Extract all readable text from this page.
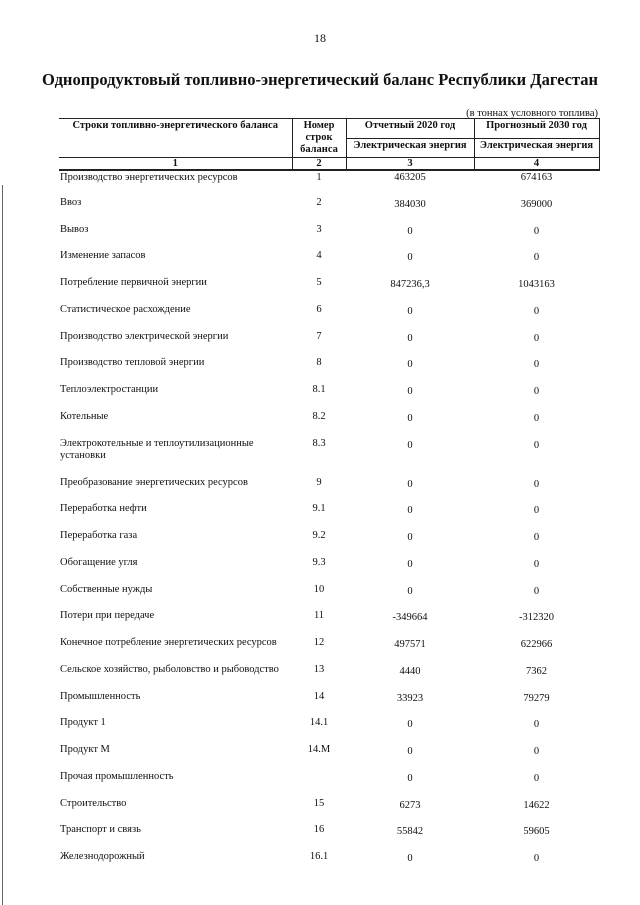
18
Однопродуктовый топливно-энергетический баланс Республики Дагестан
(в тоннах условного топлива)
Строки топливно-энергетического баланса	Номер строк баланса	Отчетный 2020 год	Прогнозный 2030 год
		Электрическая энергия	Электрическая энергия
1	2	3	4
Производство энергетических ресурсов	1	463205	674163
Ввоз	2	384030	369000
Вывоз	3	0	0
Изменение запасов	4	0	0
Потребление первичной энергии	5	847236,3	1043163
Статистическое расхождение	6	0	0
Производство электрической энергии	7	0	0
Производство тепловой энергии	8	0	0
Теплоэлектростанции	8.1	0	0
Котельные	8.2	0	0
Электрокотельные и теплоутилизационные установки	8.3	0	0
Преобразование энергетических ресурсов	9	0	0
Переработка нефти	9.1	0	0
Переработка газа	9.2	0	0
Обогащение угля	9.3	0	0
Собственные нужды	10	0	0
Потери при передаче	11	-349664	-312320
Конечное потребление энергетических ресурсов	12	497571	622966
Сельское хозяйство, рыболовство и рыбоводство	13	4440	7362
Промышленность	14	33923	79279
Продукт 1	14.1	0	0
Продукт М	14.М	0	0
Прочая промышленность		0	0
Строительство	15	6273	14622
Транспорт и связь	16	55842	59605
Железнодорожный	16.1	0	0
